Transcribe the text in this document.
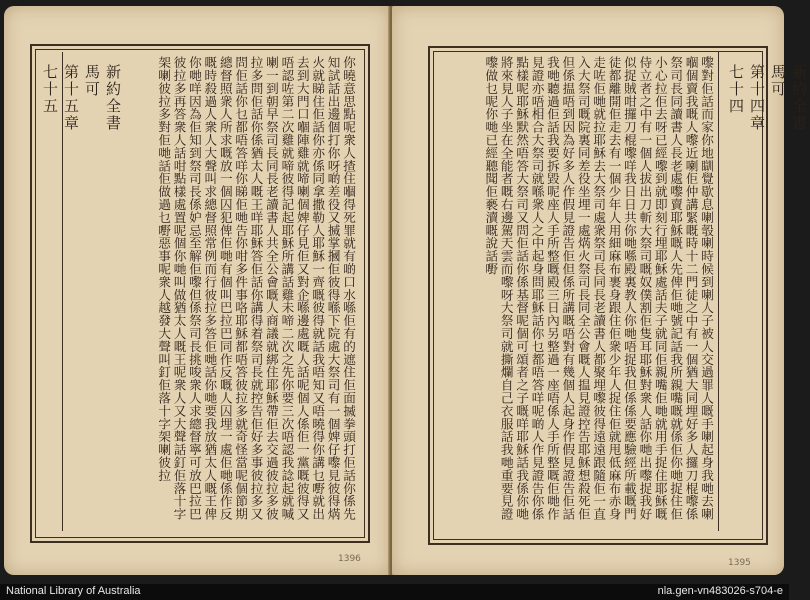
新約全書
馬可
第十五章
七十五	你曉意思點呢衆人揸住嗰得死罪就有啲口水喺佢有的遮住佢面搣拳頭打佢話你係先知試話出邊個打你呀啲差役又搣掌摑佢彼得喺下院處大祭司有一個婢仔嚟見彼得焫火就睇住佢話你亦係同拿撒勒人耶穌一齊嘅彼得就話我唔知又唔曉得你講乜嘢就出去到大門口嗰陣雞就啼喇個婢仔見佢又對企喺邊處嘅人話呢個人係佢一黨嘅彼得又唔認咗第二次雞就啼彼得記起耶穌所講話雞未啼二次之先你要三次唔認我諗起就喊喇一到朝早祭司長同長老讀書人共全公會嘅人商議就綁住耶穌帶佢去交過彼拉多彼拉多問佢話你係猶太人嘅王咩耶穌答佢話你講得着祭司長就控告佢好多事彼拉多又問佢話你乜都唔答咩你睇佢哋告你咁多件事咯耶穌都唔答彼拉多就奇怪當呢個節期總督照衆人所求嘅放一個囚犯俾佢哋有個叫巴拉巴同作反嘅人囚埋一處佢哋係作反嘅時殺過人衆人大聲叫求總督照常例而行彼拉多答佢哋話你哋要我放猶太人嘅王俾你哋咩因為佢知到祭司長係妒忌至解佢嚟但係祭司長挑唆衆人求總督寧可放巴拉巴彼拉多再答衆人話咁點樣處置呢個你哋叫做猶太人嘅王呢衆人又大聲話釘佢落十字架喇彼拉多對佢哋話佢做過乜嘢惡事呢衆人越發大聲叫釘佢落十字架喇彼拉

1396
新約全書
馬可
第十四章
七十四

嚟對佢話而家你地瞓覺歇息喇彀喇時候到喇人子被人交過罪人嘅手喇起身我哋去喇嗰個賣我嘅人嚟近喇佢仲講緊嘅時十二門徒之中有一個猶大同埋好多人攞刀棍嚟係祭司長同讀書人長老處嚟賣耶穌嘅人先俾佢哋號記話我所親嘴嘅就係佢你哋捉住佢小心拉佢去呀已經嚟到就即刻行埋耶穌處話夫子就同佢親嘴佢哋就用手捉住耶穌嘅侍立者之中有一個人拔出刀斬大祭司嘅奴僕割佢隻耳耶穌對衆人話你哋出嚟捉我好似捉賊咁攞刀棍嚟咩我日日共你哋喺殿裏教人你哋唔捉我但係係要應驗經所載嘅門徒都離開佢走去有一個少年人用細麻布裹身跟住佢衆少年人捉住佢就甩低麻布赤身走咗佢哋就拉耶穌去大祭司處衆祭司長同長老讀書人都聚埋嚟彼得遠遠跟隨佢一直入大祭司嘅院裏同差役坐埋一處焫火祭司長同全公會嘅人揾見證控告耶穌想殺死佢但係揾唔到因為好多人作假見證告佢但係所講嘅唔對有幾個人起身作假見證告佢話我哋聽過佢話我要拆毀呢座人手所整嘅殿三日內另整過一座唔係人手所整嘅佢哋作見證亦唔相合大祭司就喺衆人之中起身問耶穌話你乜都唔答咩呢啲人作見證告你係點樣呢耶穌默然唔答大祭司又問佢話你係基督呢個可頌者之子嘅咩耶穌話我係你哋將來見人子坐在全能者嘅右邊駕天雲而嚟呀大祭司就撕爛自己衣服話我哋重要見證嚟做乜呢你哋已經聽聞佢褻瀆嘅說話嘢

1395
National Library of Australia	nla.gen-vn483026-s704-e
